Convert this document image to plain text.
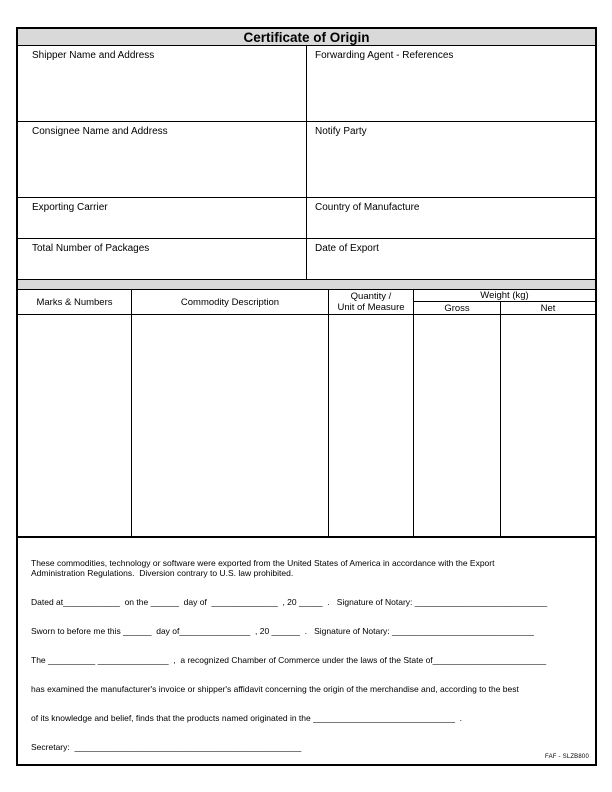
Certificate of Origin
Shipper Name and Address	Forwarding Agent - References
Consignee Name and Address	Notify Party
Exporting Carrier	Country of Manufacture
Total Number of Packages	Date of Export
Marks & Numbers	Commodity Description	Quantity /
Unit of Measure
Weight (kg)
Gross	Net
These commodities, technology or software were exported from the United States of America in accordance with the Export
Administration Regulations.  Diversion contrary to U.S. law prohibited.
Dated at____________  on the ______  day of  ______________  , 20 _____  .   Signature of Notary: ____________________________
Sworn to before me this ______  day of_______________  , 20 ______  .   Signature of Notary: ______________________________
The __________ _______________  ,  a recognized Chamber of Commerce under the laws of the State of________________________
has examined the manufacturer's invoice or shipper's affidavit concerning the origin of the merchandise and, according to the best
of its knowledge and belief, finds that the products named originated in the ______________________________  .
Secretary:  ________________________________________________
FAF - SLZB800
